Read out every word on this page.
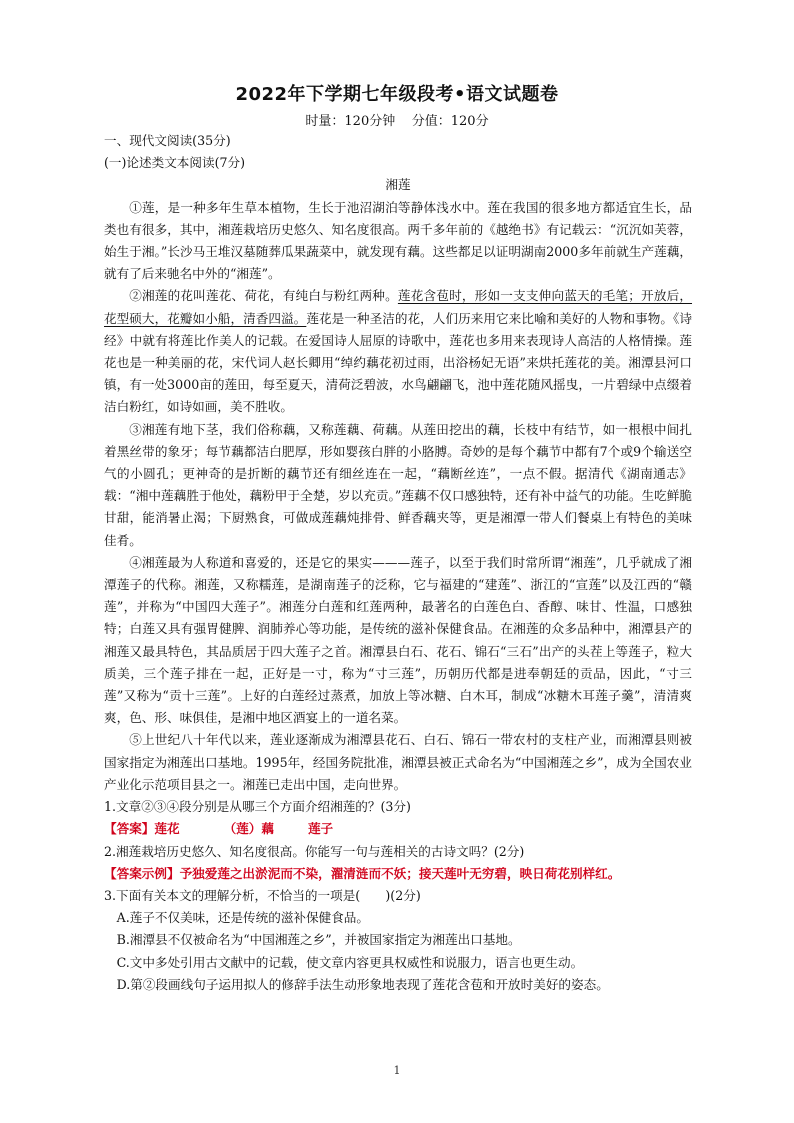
2022年下学期七年级段考•语文试题卷
时量：120分钟 分值：120分

一、现代文阅读(35分)

(一)论述类文本阅读(7分)

湘莲

①莲，是一种多年生草本植物，生长于池沼湖泊等静体浅水中。莲在我国的很多地方都适宜生长，品类也有很多，其中，湘莲栽培历史悠久、知名度很高。两千多年前的《越绝书》有记载云：“沉沉如芙蓉，始生于湘。”长沙马王堆汉墓随葬瓜果蔬菜中，就发现有藕。这些都足以证明湖南2000多年前就生产莲藕，就有了后来驰名中外的“湘莲”。

②湘莲的花叫莲花、荷花，有纯白与粉红两种。莲花含苞时，形如一支支伸向蓝天的毛笔；开放后，花型硕大，花瓣如小船，清香四溢。莲花是一种圣洁的花，人们历来用它来比喻和美好的人物和事物。《诗经》中就有将莲比作美人的记载。在爱国诗人屈原的诗歌中，莲花也多用来表现诗人高洁的人格情操。莲花也是一种美丽的花，宋代词人赵长卿用“绰约藕花初过雨，出浴杨妃无语”来烘托莲花的美。湘潭县河口镇，有一处3000亩的莲田，每至夏天，清荷泛碧波，水鸟翩翩飞，池中莲花随风摇曳，一片碧绿中点缀着洁白粉红，如诗如画，美不胜收。

③湘莲有地下茎，我们俗称藕，又称莲藕、荷藕。从莲田挖出的藕，长枝中有结节，如一根根中间扎着黑丝带的象牙；每节藕都洁白肥厚，形如婴孩白胖的小胳膊。奇妙的是每个藕节中都有7个或9个输送空气的小圆孔；更神奇的是折断的藕节还有细丝连在一起，“藕断丝连”，一点不假。据清代《湖南通志》载：“湘中莲藕胜于他处，藕粉甲于全楚，岁以充贡。”莲藕不仅口感独特，还有补中益气的功能。生吃鲜脆甘甜，能消暑止渴；下厨熟食，可做成莲藕炖排骨、鲜香藕夹等，更是湘潭一带人们餐桌上有特色的美味佳肴。

④湘莲最为人称道和喜爱的，还是它的果实———莲子，以至于我们时常所谓“湘莲”，几乎就成了湘潭莲子的代称。湘莲，又称糯莲，是湖南莲子的泛称，它与福建的“建莲”、浙江的“宣莲”以及江西的“赣莲”，并称为“中国四大莲子”。湘莲分白莲和红莲两种，最著名的白莲色白、香醇、味甘、性温，口感独特；白莲又具有强胃健脾、润肺养心等功能，是传统的滋补保健食品。在湘莲的众多品种中，湘潭县产的湘莲又最具特色，其品质居于四大莲子之首。湘潭县白石、花石、锦石“三石”出产的头茬上等莲子，粒大质美，三个莲子排在一起，正好是一寸，称为“寸三莲”，历朝历代都是进奉朝廷的贡品，因此，“寸三莲”又称为“贡十三莲”。上好的白莲经过蒸煮，加放上等冰糖、白木耳，制成“冰糖木耳莲子羹”，清清爽爽，色、形、味俱佳，是湘中地区酒宴上的一道名菜。

⑤上世纪八十年代以来，莲业逐渐成为湘潭县花石、白石、锦石一带农村的支柱产业，而湘潭县则被国家指定为湘莲出口基地。1995年，经国务院批准，湘潭县被正式命名为“中国湘莲之乡”，成为全国农业产业化示范项目县之一。湘莲已走出中国，走向世界。

1.文章②③④段分别是从哪三个方面介绍湘莲的？(3分)

【答案】莲花	（莲）藕	莲子

2.湘莲栽培历史悠久、知名度很高。你能写一句与莲相关的古诗文吗？(2分)

【答案示例】予独爱莲之出淤泥而不染，濯清涟而不妖；接天莲叶无穷碧，映日荷花别样红。

3.下面有关本文的理解分析，不恰当的一项是(　　)(2分)

A.莲子不仅美味，还是传统的滋补保健食品。

B.湘潭县不仅被命名为“中国湘莲之乡”，并被国家指定为湘莲出口基地。

C.文中多处引用古文献中的记载，使文章内容更具权威性和说服力，语言也更生动。

D.第②段画线句子运用拟人的修辞手法生动形象地表现了莲花含苞和开放时美好的姿态。

1
